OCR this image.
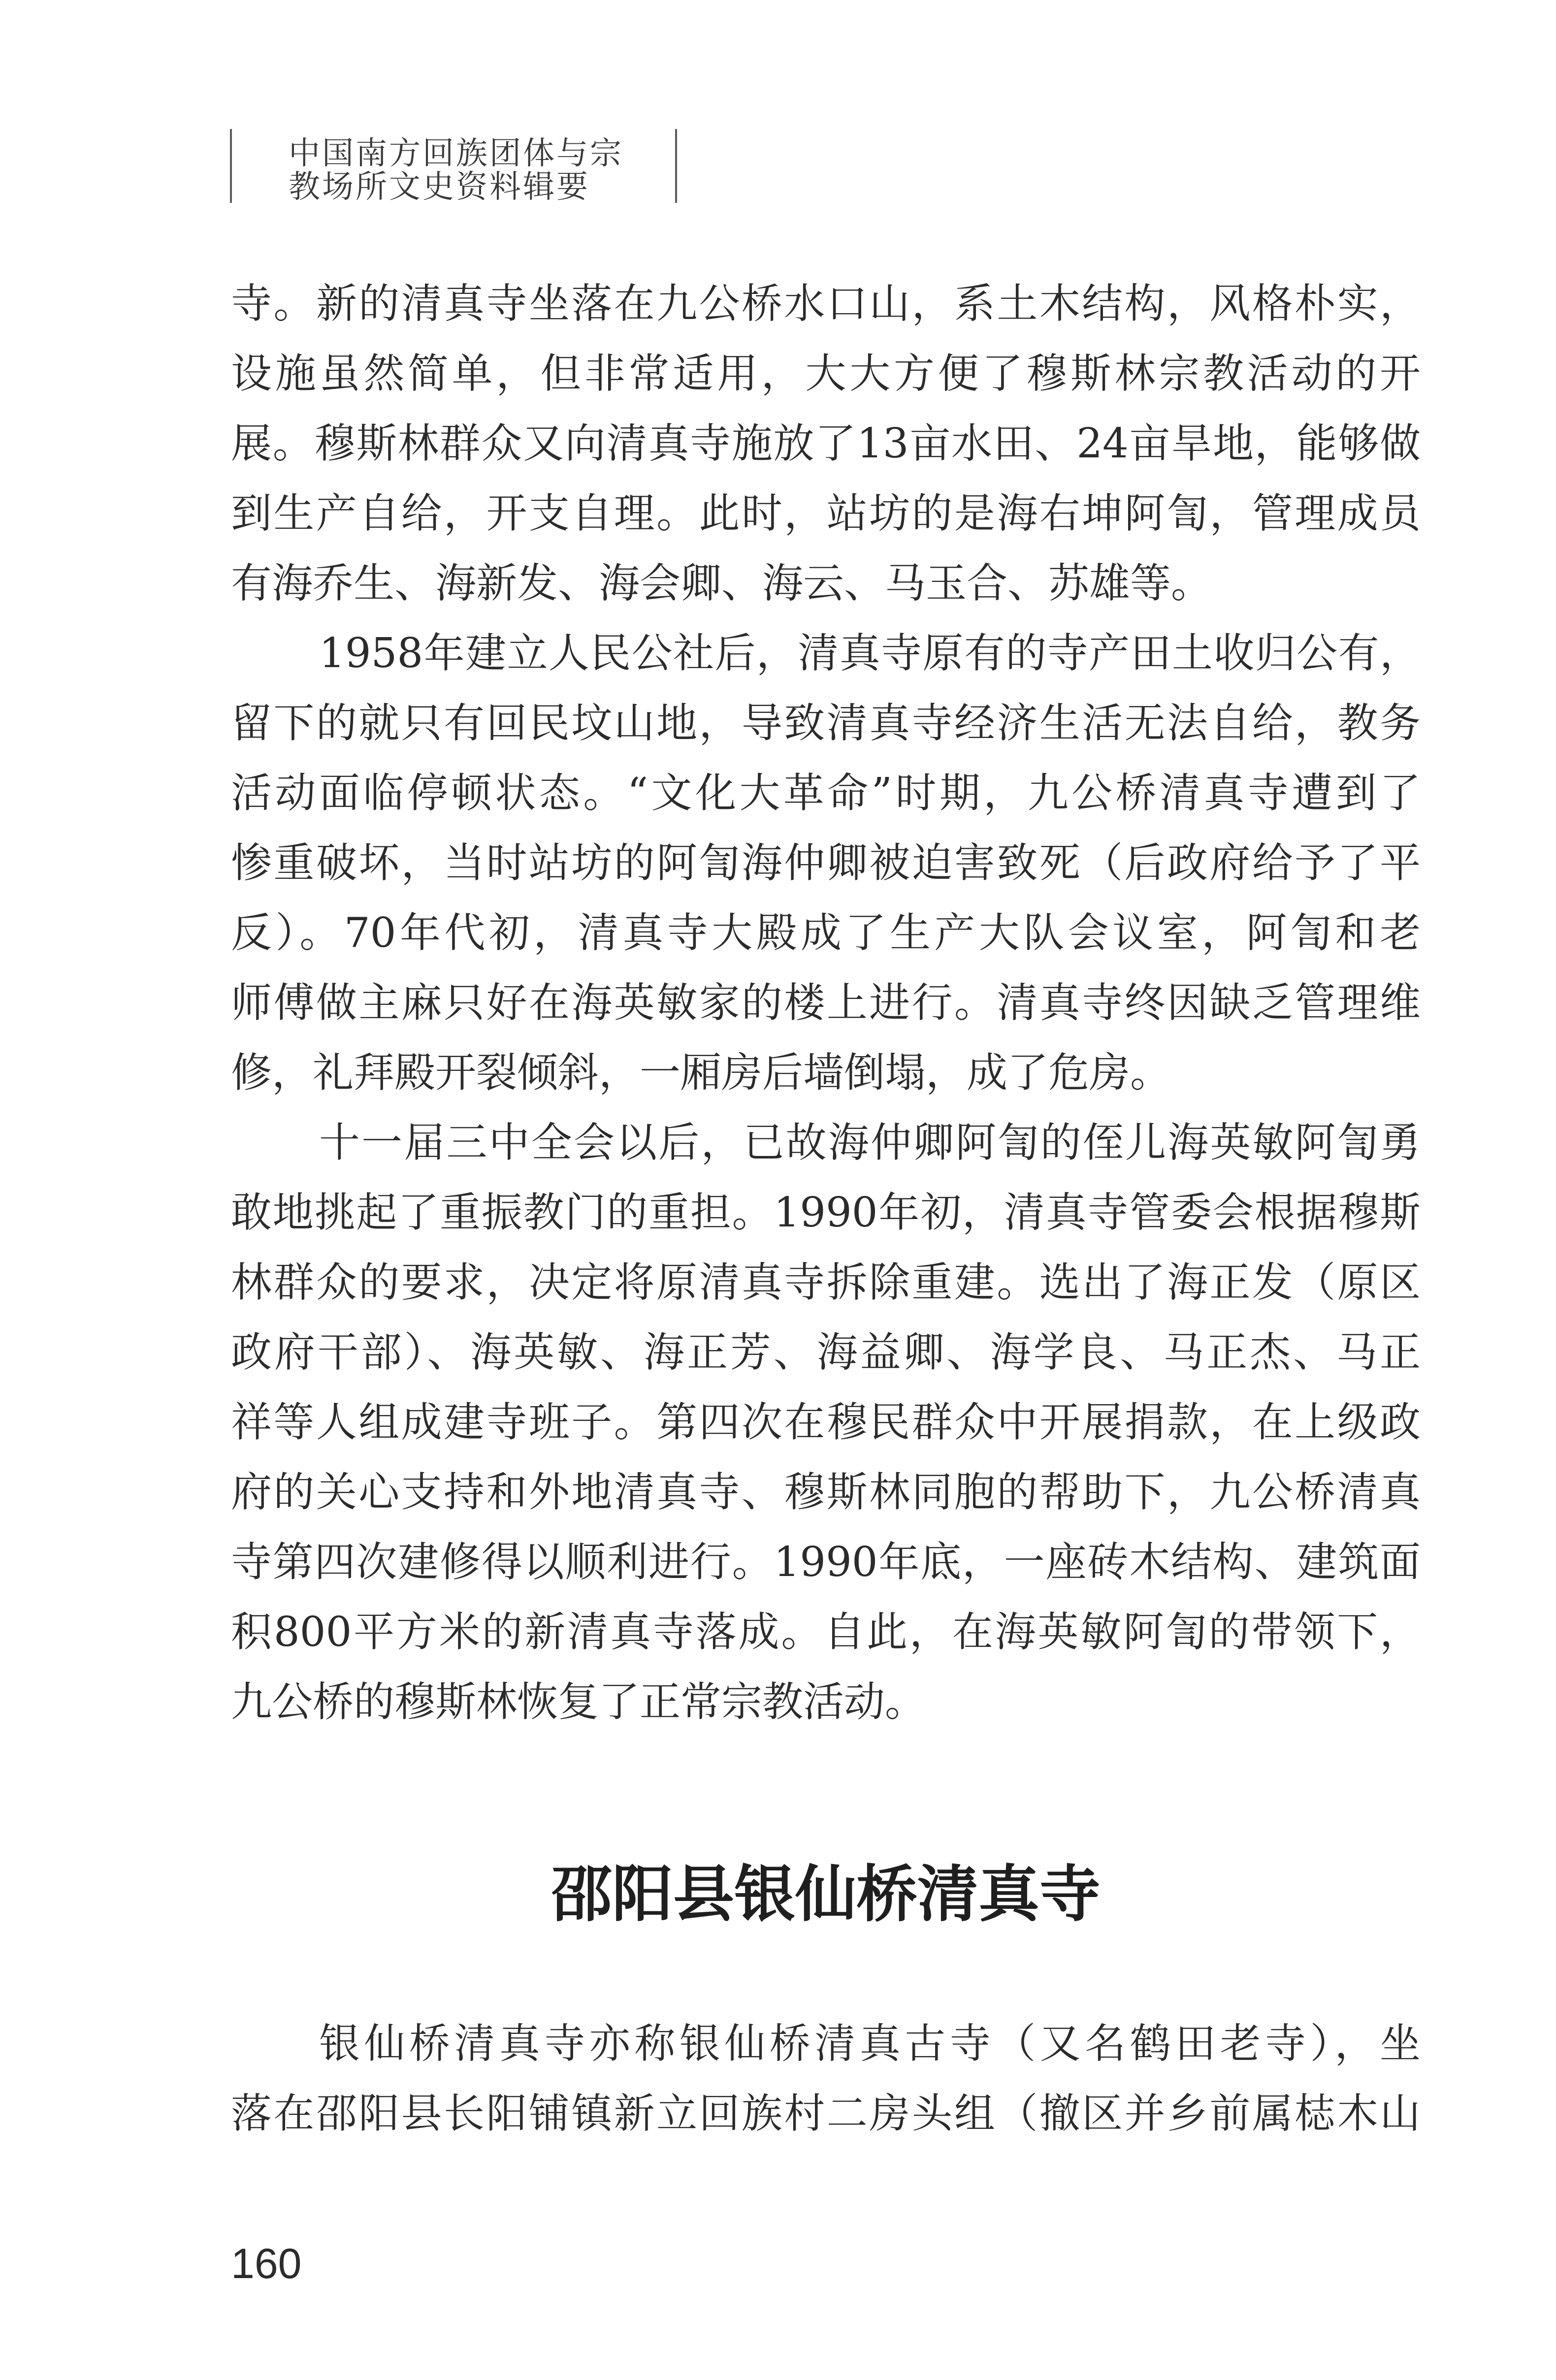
中国南方回族团体与宗
教场所文史资料辑要
寺。新的清真寺坐落在九公桥水口山，系土木结构，风格朴实，
设施虽然简单，但非常适用，大大方便了穆斯林宗教活动的开
展。穆斯林群众又向清真寺施放了13亩水田、24亩旱地，能够做
到生产自给，开支自理。此时，站坊的是海右坤阿訇，管理成员
有海乔生、海新发、海会卿、海云、马玉合、苏雄等。
1958年建立人民公社后，清真寺原有的寺产田土收归公有，
留下的就只有回民坟山地，导致清真寺经济生活无法自给，教务
活动面临停顿状态。“文化大革命”时期，九公桥清真寺遭到了
惨重破坏，当时站坊的阿訇海仲卿被迫害致死（后政府给予了平
反）。70年代初，清真寺大殿成了生产大队会议室，阿訇和老
师傅做主麻只好在海英敏家的楼上进行。清真寺终因缺乏管理维
修，礼拜殿开裂倾斜，一厢房后墙倒塌，成了危房。
十一届三中全会以后，已故海仲卿阿訇的侄儿海英敏阿訇勇
敢地挑起了重振教门的重担。1990年初，清真寺管委会根据穆斯
林群众的要求，决定将原清真寺拆除重建。选出了海正发（原区
政府干部）、海英敏、海正芳、海益卿、海学良、马正杰、马正
祥等人组成建寺班子。第四次在穆民群众中开展捐款，在上级政
府的关心支持和外地清真寺、穆斯林同胞的帮助下，九公桥清真
寺第四次建修得以顺利进行。1990年底，一座砖木结构、建筑面
积800平方米的新清真寺落成。自此，在海英敏阿訇的带领下，
九公桥的穆斯林恢复了正常宗教活动。
邵阳县银仙桥清真寺
银仙桥清真寺亦称银仙桥清真古寺（又名鹤田老寺），坐
落在邵阳县长阳铺镇新立回族村二房头组（撤区并乡前属梽木山
160
